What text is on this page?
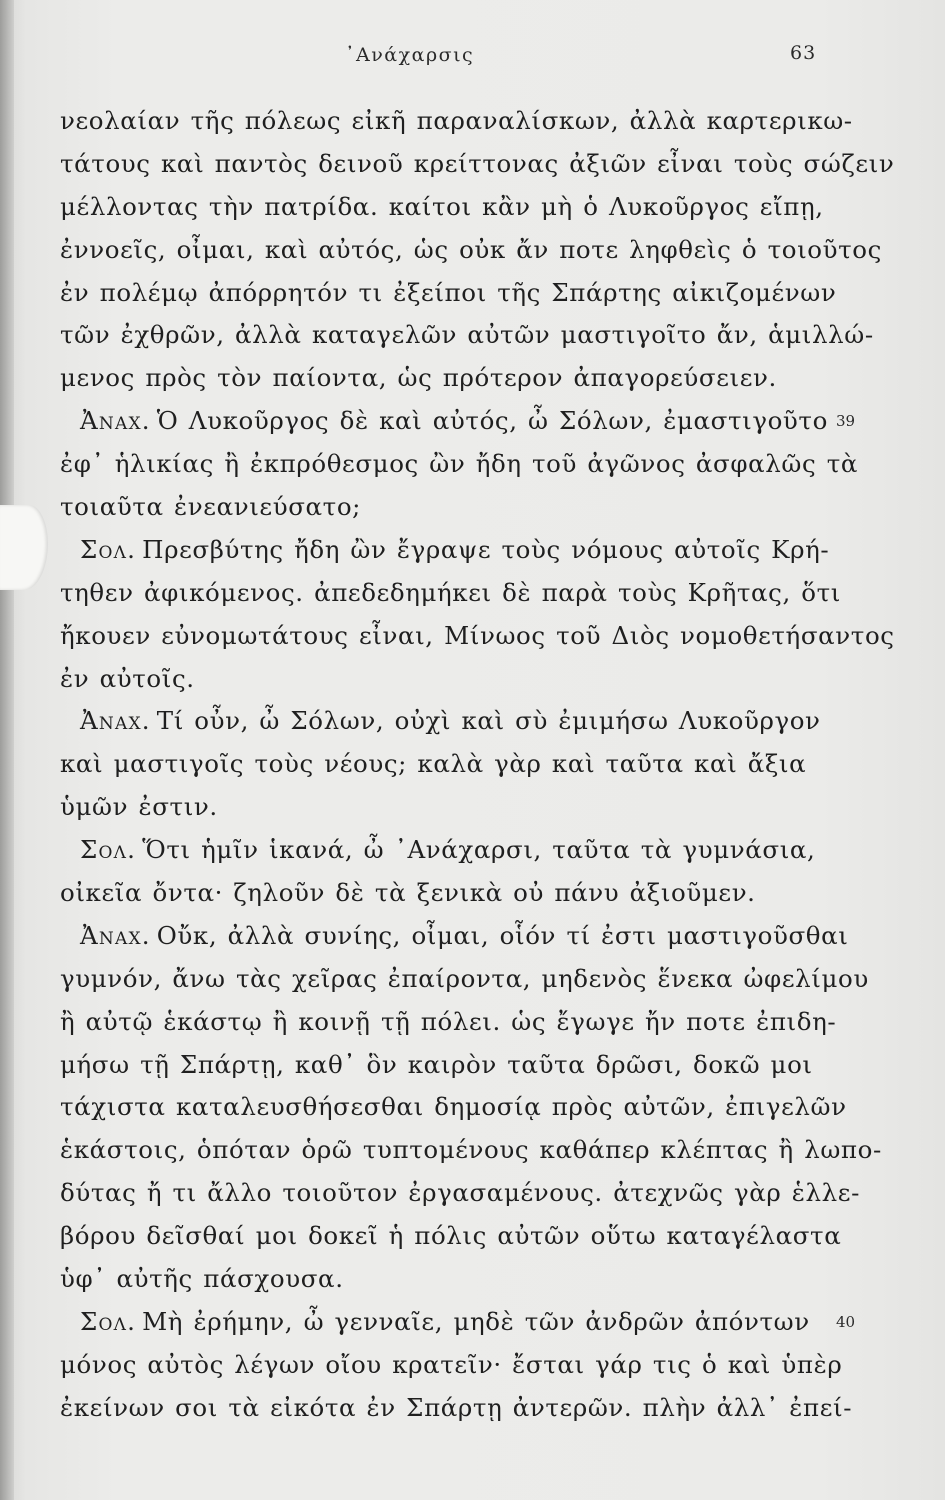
᾿Ανάχαρσις	63
νεολαίαν τῆς πόλεως εἰκῆ παραναλίσκων, ἀλλὰ καρτερικω-
τάτους καὶ παντὸς δεινοῦ κρείττονας ἀξιῶν εἶναι τοὺς σώζειν
μέλλοντας τὴν πατρίδα. καίτοι κἂν μὴ ὁ Λυκοῦργος εἴπῃ,
ἐννοεῖς, οἶμαι, καὶ αὐτός, ὡς οὐκ ἄν ποτε ληφθεὶς ὁ τοιοῦτος
ἐν πολέμῳ ἀπόρρητόν τι ἐξείποι τῆς Σπάρτης αἰκιζομένων
τῶν ἐχθρῶν, ἀλλὰ καταγελῶν αὐτῶν μαστιγοῖτο ἄν, ἁμιλλώ-
μενος πρὸς τὸν παίοντα, ὡς πρότερον ἀπαγορεύσειεν.
Ἀναχ. Ὁ Λυκοῦργος δὲ καὶ αὐτός, ὦ Σόλων, ἐμαστιγοῦτο
ἐφ᾿ ἡλικίας ἢ ἐκπρόθεσμος ὢν ἤδη τοῦ ἀγῶνος ἀσφαλῶς τὰ
τοιαῦτα ἐνεανιεύσατο;
Σολ. Πρεσβύτης ἤδη ὢν ἔγραψε τοὺς νόμους αὐτοῖς Κρή-
τηθεν ἀφικόμενος. ἀπεδεδημήκει δὲ παρὰ τοὺς Κρῆτας, ὅτι
ἤκουεν εὐνομωτάτους εἶναι, Μίνωος τοῦ Διὸς νομοθετήσαντος
ἐν αὐτοῖς.
Ἀναχ. Τί οὖν, ὦ Σόλων, οὐχὶ καὶ σὺ ἐμιμήσω Λυκοῦργον
καὶ μαστιγοῖς τοὺς νέους; καλὰ γὰρ καὶ ταῦτα καὶ ἄξια
ὑμῶν ἐστιν.
Σολ. Ὅτι ἡμῖν ἱκανά, ὦ ᾿Ανάχαρσι, ταῦτα τὰ γυμνάσια,
οἰκεῖα ὄντα· ζηλοῦν δὲ τὰ ξενικὰ οὐ πάνυ ἀξιοῦμεν.
Ἀναχ. Οὔκ, ἀλλὰ συνίης, οἶμαι, οἷόν τί ἐστι μαστιγοῦσθαι
γυμνόν, ἄνω τὰς χεῖρας ἐπαίροντα, μηδενὸς ἕνεκα ὠφελίμου
ἢ αὐτῷ ἑκάστῳ ἢ κοινῇ τῇ πόλει. ὡς ἔγωγε ἤν ποτε ἐπιδη-
μήσω τῇ Σπάρτῃ, καθ᾿ ὃν καιρὸν ταῦτα δρῶσι, δοκῶ μοι
τάχιστα καταλευσθήσεσθαι δημοσίᾳ πρὸς αὐτῶν, ἐπιγελῶν
ἑκάστοις, ὁπόταν ὁρῶ τυπτομένους καθάπερ κλέπτας ἢ λωπο-
δύτας ἤ τι ἄλλο τοιοῦτον ἐργασαμένους. ἀτεχνῶς γὰρ ἑλλε-
βόρου δεῖσθαί μοι δοκεῖ ἡ πόλις αὐτῶν οὕτω καταγέλαστα
ὑφ᾿ αὐτῆς πάσχουσα.
Σολ. Μὴ ἐρήμην, ὦ γενναῖε, μηδὲ τῶν ἀνδρῶν ἀπόντων
μόνος αὐτὸς λέγων οἴου κρατεῖν· ἔσται γάρ τις ὁ καὶ ὑπὲρ
ἐκείνων σοι τὰ εἰκότα ἐν Σπάρτῃ ἀντερῶν. πλὴν ἀλλ᾿ ἐπεί-
39
40
